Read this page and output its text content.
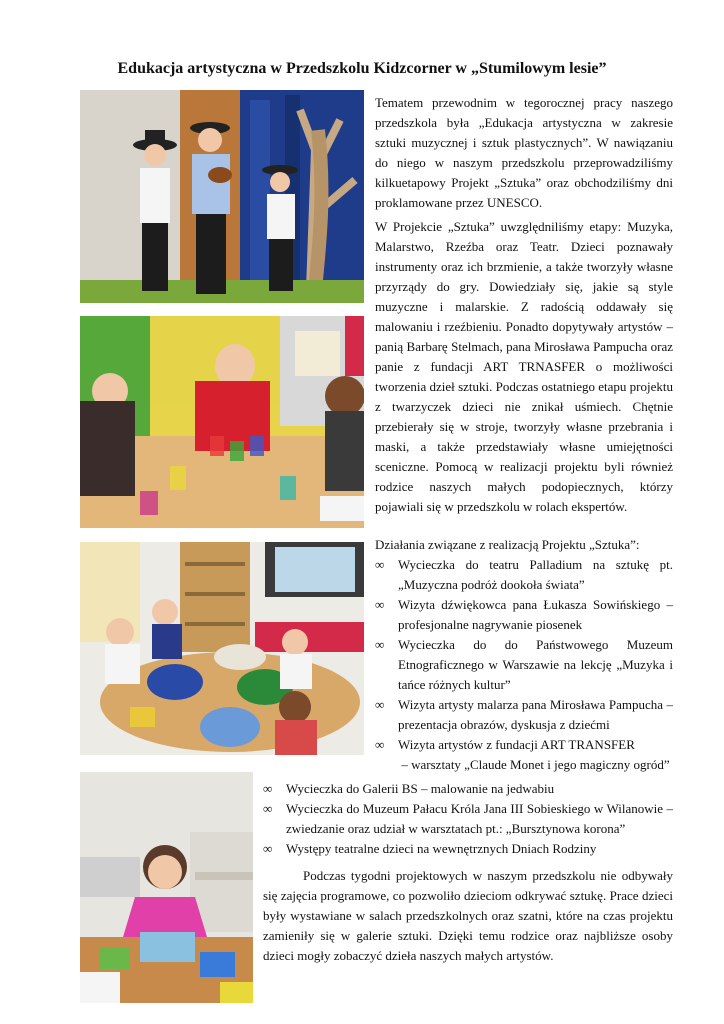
Edukacja artystyczna w Przedszkolu Kidzcorner w „Stumilowym lesie”

Tematem przewodnim w tegorocznej pracy naszego przedszkola była „Edukacja artystyczna w zakresie sztuki muzycznej i sztuk plastycznych”. W nawiązaniu do niego w naszym przedszkolu przeprowadziliśmy kilkuetapowy Projekt „Sztuka” oraz obchodziliśmy dni proklamowane przez UNESCO.

W Projekcie „Sztuka” uwzględniliśmy etapy: Muzyka, Malarstwo, Rzeźba oraz Teatr. Dzieci poznawały instrumenty oraz ich brzmienie, a także tworzyły własne przyrządy do gry. Dowiedziały się, jakie są style muzyczne i malarskie. Z radością oddawały się malowaniu i rzeźbieniu. Ponadto dopytywały artystów – panią Barbarę Stelmach, pana Mirosława Pampucha oraz panie z fundacji ART TRNASFER o możliwości tworzenia dzieł sztuki. Podczas ostatniego etapu projektu z twarzyczek dzieci nie znikał uśmiech. Chętnie przebierały się w stroje, tworzyły własne przebrania i maski, a także przedstawiały własne umiejętności sceniczne. Pomocą w realizacji projektu byli również rodzice naszych małych podopiecznych, którzy pojawiali się w przedszkolu w rolach ekspertów.

Działania związane z realizacją Projektu „Sztuka”:
∞ Wycieczka do teatru Palladium na sztukę pt. „Muzyczna podróż dookoła świata”
∞ Wizyta dźwiękowca pana Łukasza Sowińskiego – profesjonalne nagrywanie piosenek
∞ Wycieczka do do Państwowego Muzeum Etnograficznego w Warszawie na lekcję „Muzyka i tańce różnych kultur”
∞ Wizyta artysty malarza pana Mirosława Pampucha – prezentacja obrazów, dyskusja z dziećmi
∞ Wizyta artystów z fundacji ART TRANSFER
– warsztaty „Claude Monet i jego magiczny ogród”
∞ Wycieczka do Galerii BS – malowanie na jedwabiu
∞ Wycieczka do Muzeum Pałacu Króla Jana III Sobieskiego w Wilanowie – zwiedzanie oraz udział w warsztatach pt.: „Bursztynowa korona”
∞ Występy teatralne dzieci na wewnętrznych Dniach Rodziny

Podczas tygodni projektowych w naszym przedszkolu nie odbywały się zajęcia programowe, co pozwoliło dzieciom odkrywać sztukę. Prace dzieci były wystawiane w salach przedszkolnych oraz szatni, które na czas projektu zamieniły się w galerie sztuki. Dzięki temu rodzice oraz najbliższe osoby dzieci mogły zobaczyć dzieła naszych małych artystów.
